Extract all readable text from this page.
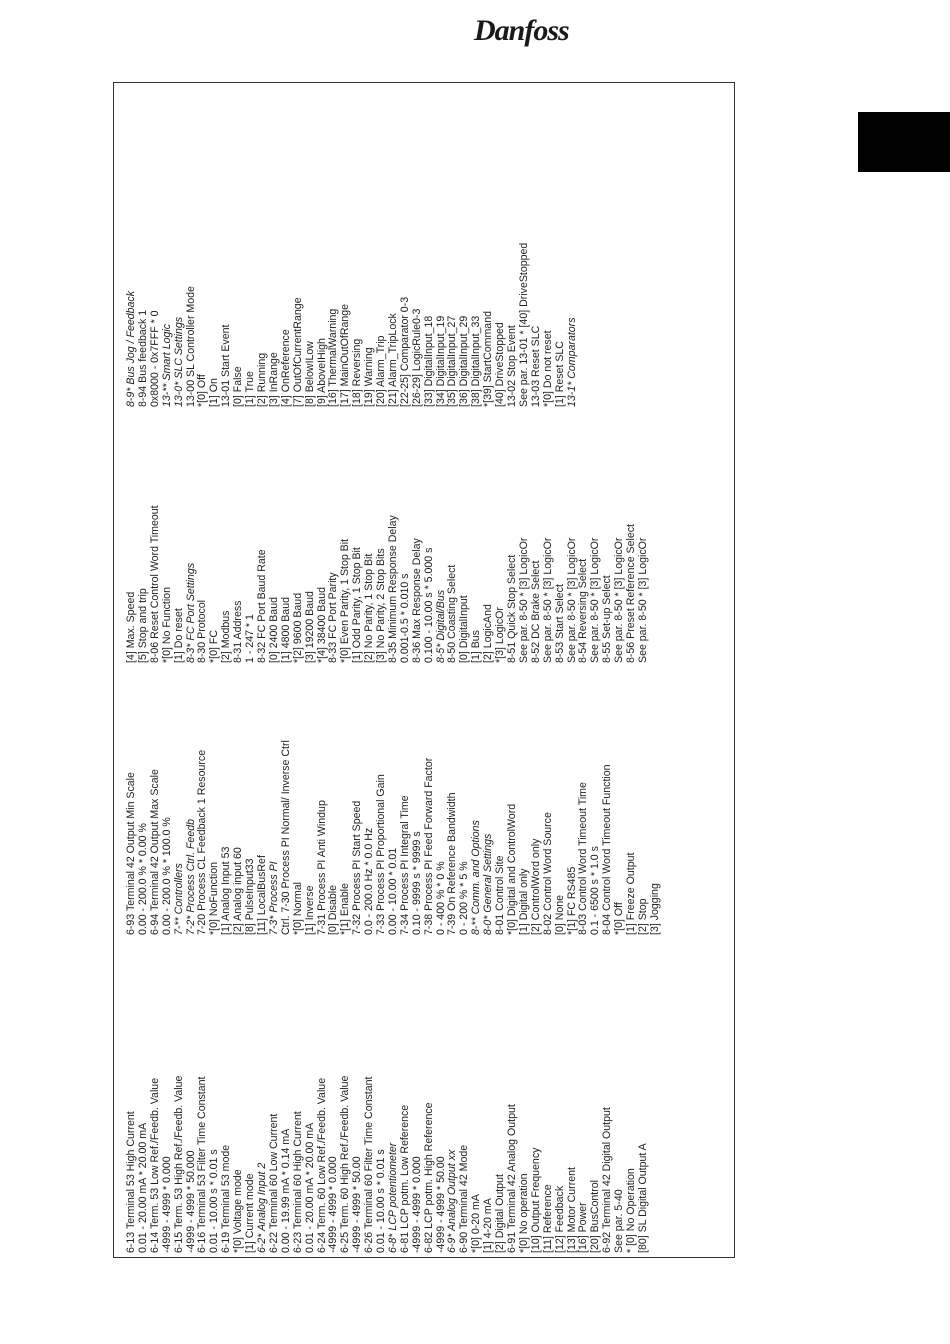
Danfoss
6-13 Terminal 53 High Current 0.01 - 20.00 mA * 20.00 mA 6-14 Term. 53 Low Ref./Feedb. Value -4999 - 4999 * 0.000 6-15 Term. 53 High Ref./Feedb. Value -4999 - 4999 * 50.000 6-16 Terminal 53 Filter Time Constant 0.01 - 10.00 s * 0.01 s 6-19 Terminal 53 mode *[0] Voltage mode [1] Current mode 6-2* Analog Input 2 6-22 Terminal 60 Low Current 0.00 - 19.99 mA * 0.14 mA 6-23 Terminal 60 High Current 0.01 - 20.00 mA * 20.00 mA 6-24 Term. 60 Low Ref./Feedb. Value -4999 - 4999 * 0.000 6-25 Term. 60 High Ref./Feedb. Value -4999 - 4999 * 50.00 6-26 Terminal 60 Filter Time Constant 0.01 - 10.00 s * 0.01 s 6-8* LCP potentiometer 6-81 LCP potm. Low Reference -4999 - 4999 * 0.000 6-82 LCP potm. High Reference -4999 - 4999 * 50.00 6-9* Analog Output xx 6-90 Terminal 42 Mode *[0] 0-20 mA [1] 4-20 mA [2] Digital Output 6-91 Terminal 42 Analog Output *[0] No operation [10] Output Frequency [11] Reference [12] Feedback [13] Motor Current [16] Power [20] BusControl 6-92 Terminal 42 Digital Output See par. 5-40 * [0] No Operation [80] SL Digital Output A
6-93 Terminal 42 Output Min Scale 0.00 - 200.0 % * 0.00 % 6-94 Terminal 42 Output Max Scale 0.00 - 200.0 % * 100.0 % 7-** Controllers 7-2* Process Ctrl. Feedb 7-20 Process CL Feedback 1 Resource *[0] NoFunction [1] Analog Input 53 [2] Analog input 60 [8] PulseInput33 [11] LocalBusRef 7-3* Process PI Ctrl. 7-30 Process PI Normal/ Inverse Ctrl *[0] Normal [1] Inverse 7-31 Process PI Anti Windup [0] Disable *[1] Enable 7-32 Process PI Start Speed 0.0 - 200.0 Hz * 0.0 Hz 7-33 Process PI Proportional Gain 0.00 - 10.00 * 0.01 7-34 Process PI Integral Time 0.10 - 9999 s * 9999 s 7-38 Process PI Feed Forward Factor 0 - 400 % * 0 % 7-39 On Reference Bandwidth 0 - 200 % * 5 % 8-** Comm. and Options 8-0* General Settings 8-01 Control Site *[0] Digital and ControlWord [1] Digital only [2] ControlWord only 8-02 Control Word Source [0] None *[1] FC RS485 8-03 Control Word Timeout Time 0.1 - 6500 s * 1.0 s 8-04 Control Word Timeout Function *[0] Off [1] Freeze Output [2] Stop [3] Jogging
[4] Max. Speed [5] Stop and trip 8-06 Reset Control Word Timeout *[0] No Function [1] Do reset 8-3* FC Port Settings 8-30 Protocol *[0] FC [2] Modbus 8-31 Address 1 - 247 * 1 8-32 FC Port Baud Rate [0] 2400 Baud [1] 4800 Baud *[2] 9600 Baud [3] 19200 Baud *[4] 38400 Baud 8-33 FC Port Parity *[0] Even Parity, 1 Stop Bit [1] Odd Parity, 1 Stop Bit [2] No Parity, 1 Stop Bit [3] No Parity, 2 Stop Bits 8-35 Minimum Response Delay 0.001-0.5 * 0.010 s 8-36 Max Response Delay 0.100 - 10.00 s * 5.000 s 8-5* Digital/Bus 8-50 Coasting Select [0] DigitalInput [1] Bus [2] LogicAnd *[3] LogicOr 8-51 Quick Stop Select See par. 8-50 * [3] LogicOr 8-52 DC Brake Select See par. 8-50 * [3] LogicOr 8-53 Start Select See par. 8-50 * [3] LogicOr 8-54 Reversing Select See par. 8-50 * [3] LogicOr 8-55 Set-up Select See par. 8-50 * [3] LogicOr 8-56 Preset Reference Select See par. 8-50 * [3] LogicOr
8-9* Bus Jog / Feedback 8-94 Bus feedback 1 0x8000 - 0x7FFF * 0 13-** Smart Logic 13-0* SLC Settings 13-00 SL Controller Mode *[0] Off [1] On 13-01 Start Event [0] False [1] True [2] Running [3] InRange [4] OnReference [7] OutOfCurrentRange [8] BelowILow [9] AboveIHigh [16] ThermalWarning [17] MainOutOfRange [18] Reversing [19] Warning [20] Alarm_Trip [21] Alarm_TripLock [22-25] Comparator 0-3 [26-29] LogicRule0-3 [33] DigitalInput_18 [34] DigitalInput_19 [35] DigitalInput_27 [36] DigitalInput_29 [38] DigitalInput_33 *[39] StartCommand [40] DriveStopped 13-02 Stop Event See par. 13-01 * [40] DriveStopped 13-03 Reset SLC *[0] Do not reset [1] Reset SLC 13-1* Comparators
